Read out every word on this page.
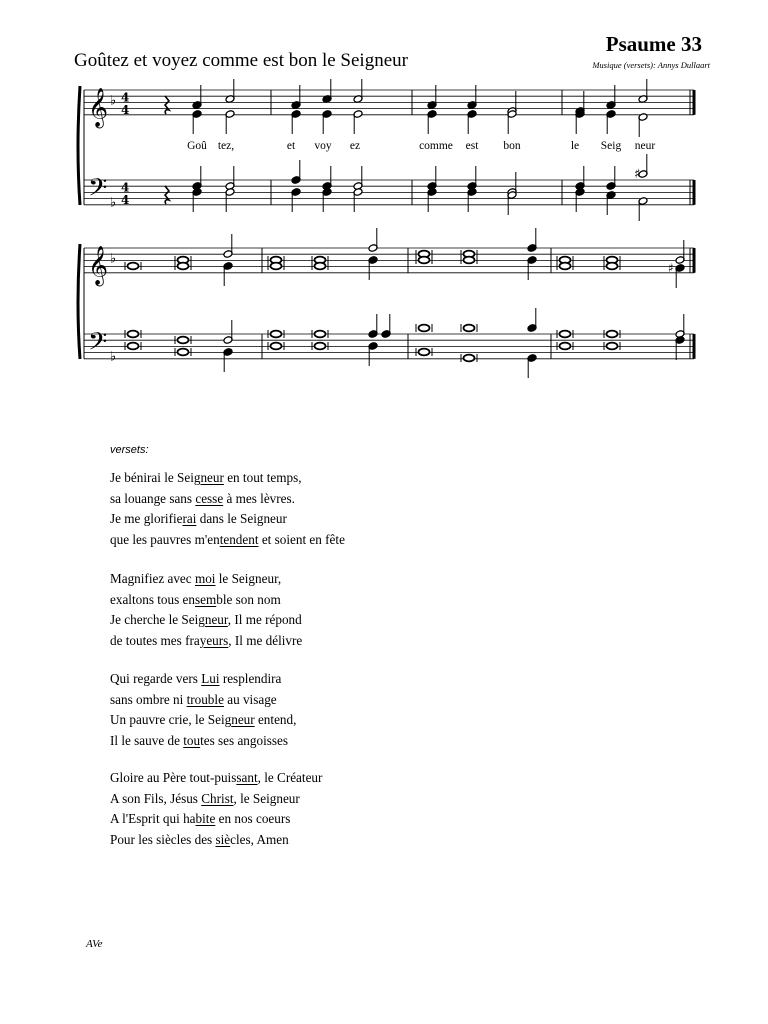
Psaume 33
Goûtez et voyez comme est bon le Seigneur	Musique (versets): Annys Dullaart
𝄞
𝄢
♭
♭
4
4
4
4
♯
Goû tez,	et voy ez	comme est bon	le Seig neur
𝄞
𝄢
♭
♭
♯
versets:
Je bénirai le Seigneur en tout temps,
sa louange sans cesse à mes lèvres.
Je me glorifierai dans le Seigneur
que les pauvres m'entendent et soient en fête
Magnifiez avec moi le Seigneur,
exaltons tous ensemble son nom
Je cherche le Seigneur, Il me répond
de toutes mes frayeurs, Il me délivre
Qui regarde vers Lui resplendira
sans ombre ni trouble au visage
Un pauvre crie, le Seigneur entend,
Il le sauve de toutes ses angoisses
Gloire au Père tout-puissant, le Créateur
A son Fils, Jésus Christ, le Seigneur
A l'Esprit qui habite en nos coeurs
Pour les siècles des siècles, Amen
AVe
